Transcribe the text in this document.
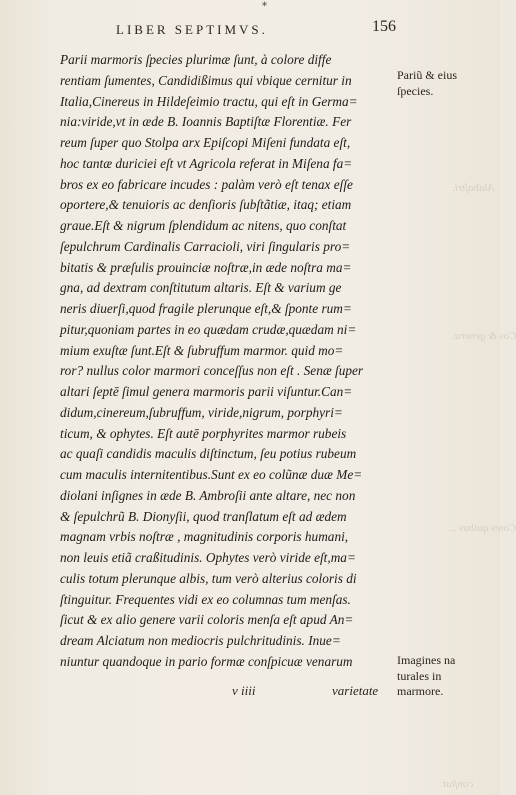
Alabaſtri.
Cos & genera.
Cotes quibus ...
conſtat.
*
LIBER SEPTIMVS.	156
Parii marmoris ſpecies plurimæ ſunt, à colore diffe
rentiam ſumentes, Candidißimus qui vbique cernitur in
Italia,Cinereus in Hildeſeimio tractu, qui eſt in Germa=
nia:viride,vt in æde B. Ioannis Baptiſtæ Florentiæ. Fer
reum ſuper quo Stolpa arx Epiſcopi Miſeni fundata eſt,
hoc tantæ duriciei eſt vt Agricola referat in Miſena fa=
bros ex eo fabricare incudes : palàm verò eſt tenax eſſe
oportere,& tenuioris ac denſioris ſubſtãtiæ, itaq; etiam
graue.Eſt & nigrum ſplendidum ac nitens, quo conſtat
ſepulchrum Cardinalis Carracioli, viri ſingularis pro=
bitatis & præſulis prouinciæ noſtræ,in æde noſtra ma=
gna, ad dextram conſtitutum altaris. Eſt & varium ge
neris diuerſi,quod fragile plerunque eſt,& ſponte rum=
pitur,quoniam partes in eo quædam crudæ,quædam ni=
mium exuſtæ ſunt.Eſt & ſubruffum marmor. quid mo=
ror? nullus color marmori conceſſus non eſt . Senæ ſuper
altari ſeptē ſimul genera marmoris parii viſuntur.Can=
didum,cinereum,ſubruffum, viride,nigrum, porphyri=
ticum, & ophytes. Eſt autē porphyrites marmor rubeis
ac quaſi candidis maculis diſtinctum, ſeu potius rubeum
cum maculis internitentibus.Sunt ex eo colũnæ duæ Me=
diolani inſignes in æde B. Ambroſii ante altare, nec non
& ſepulchrũ B. Dionyſii, quod tranſlatum eſt ad ædem
magnam vrbis noſtræ , magnitudinis corporis humani,
non leuis etiã craßitudinis. Ophytes verò viride eſt,ma=
culis totum plerunque albis, tum verò alterius coloris di
ſtinguitur. Frequentes vidi ex eo columnas tum menſas.
ſicut & ex alio genere varii coloris menſa eſt apud An=
dream Alciatum non mediocris pulchritudinis. Inue=
niuntur quandoque in pario formæ conſpicuæ venarum
Pariũ & eius
ſpecies.
Imagines na
turales in
marmore.
v iiii	varietate
